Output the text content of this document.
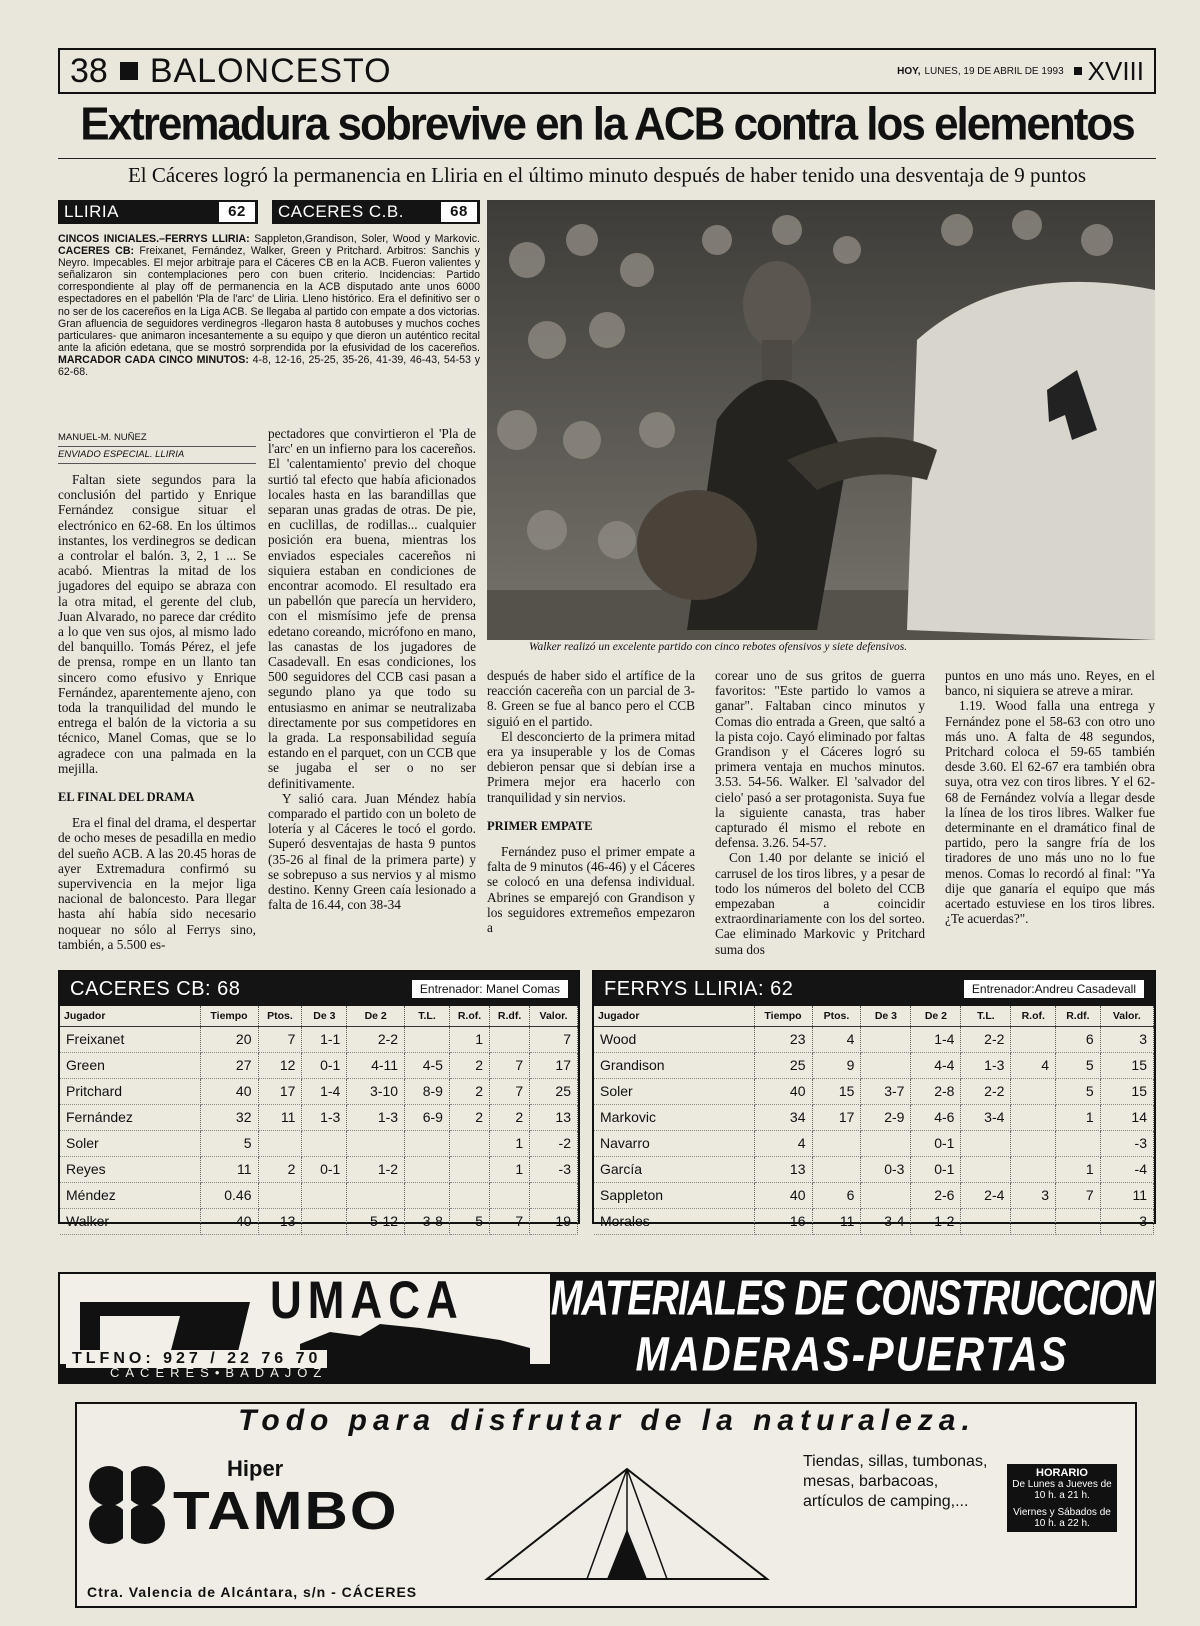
38 BALONCESTO	HOY, LUNES, 19 DE ABRIL DE 1993 XVIII
Extremadura sobrevive en la ACB contra los elementos
El Cáceres logró la permanencia en Lliria en el último minuto después de haber tenido una desventaja de 9 puntos
LLIRIA	62	CACERES C.B.	68
CINCOS INICIALES.–FERRYS LLIRIA: Sappleton,Grandison, Soler, Wood y Markovic. CACERES CB: Freixanet, Fernández, Walker, Green y Pritchard. Arbitros: Sanchis y Neyro. Impecables. El mejor arbitraje para el Cáceres CB en la ACB. Fueron valientes y señalizaron sin contemplaciones pero con buen criterio. Incidencias: Partido correspondiente al play off de permanencia en la ACB disputado ante unos 6000 espectadores en el pabellón 'Pla de l'arc' de Lliria. Lleno histórico. Era el definitivo ser o no ser de los cacereños en la Liga ACB. Se llegaba al partido con empate a dos victorias. Gran afluencia de seguidores verdinegros -llegaron hasta 8 autobuses y muchos coches particulares- que animaron incesantemente a su equipo y que dieron un auténtico recital ante la afición edetana, que se mostró sorprendida por la efusividad de los cacereños. MARCADOR CADA CINCO MINUTOS: 4-8, 12-16, 25-25, 35-26, 41-39, 46-43, 54-53 y 62-68.
MANUEL-M. NUÑEZ
ENVIADO ESPECIAL. LLIRIA

Faltan siete segundos para la conclusión del partido y Enrique Fernández consigue situar el electrónico en 62-68. En los últimos instantes, los verdinegros se dedican a controlar el balón. 3, 2, 1 ... Se acabó. Mientras la mitad de los jugadores del equipo se abraza con la otra mitad, el gerente del club, Juan Alvarado, no parece dar crédito a lo que ven sus ojos, al mismo lado del banquillo. Tomás Pérez, el jefe de prensa, rompe en un llanto tan sincero como efusivo y Enrique Fernández, aparentemente ajeno, con toda la tranquilidad del mundo le entrega el balón de la victoria a su técnico, Manel Comas, que se lo agradece con una palmada en la mejilla.

EL FINAL DEL DRAMA

Era el final del drama, el despertar de ocho meses de pesadilla en medio del sueño ACB. A las 20.45 horas de ayer Extremadura confirmó su supervivencia en la mejor liga nacional de baloncesto. Para llegar hasta ahí había sido necesario noquear no sólo al Ferrys sino, también, a 5.500 es-

pectadores que convirtieron el 'Pla de l'arc' en un infierno para los cacereños. El 'calentamiento' previo del choque surtió tal efecto que había aficionados locales hasta en las barandillas que separan unas gradas de otras. De pie, en cuclillas, de rodillas... cualquier posición era buena, mientras los enviados especiales cacereños ni siquiera estaban en condiciones de encontrar acomodo. El resultado era un pabellón que parecía un hervidero, con el mismísimo jefe de prensa edetano coreando, micrófono en mano, las canastas de los jugadores de Casadevall. En esas condiciones, los 500 seguidores del CCB casi pasan a segundo plano ya que todo su entusiasmo en animar se neutralizaba directamente por sus competidores en la grada. La responsabilidad seguía estando en el parquet, con un CCB que se jugaba el ser o no ser definitivamente.

Y salió cara. Juan Méndez había comparado el partido con un boleto de lotería y al Cáceres le tocó el gordo. Superó desventajas de hasta 9 puntos (35-26 al final de la primera parte) y se sobrepuso a sus nervios y al mismo destino. Kenny Green caía lesionado a falta de 16.44, con 38-34

después de haber sido el artífice de la reacción cacereña con un parcial de 3-8. Green se fue al banco pero el CCB siguió en el partido.

El desconcierto de la primera mitad era ya insuperable y los de Comas debieron pensar que si debían irse a Primera mejor era hacerlo con tranquilidad y sin nervios.

PRIMER EMPATE

Fernández puso el primer empate a falta de 9 minutos (46-46) y el Cáceres se colocó en una defensa individual. Abrines se emparejó con Grandison y los seguidores extremeños empezaron a

corear uno de sus gritos de guerra favoritos: "Este partido lo vamos a ganar". Faltaban cinco minutos y Comas dio entrada a Green, que saltó a la pista cojo. Cayó eliminado por faltas Grandison y el Cáceres logró su primera ventaja en muchos minutos. 3.53. 54-56. Walker. El 'salvador del cielo' pasó a ser protagonista. Suya fue la siguiente canasta, tras haber capturado él mismo el rebote en defensa. 3.26. 54-57.

Con 1.40 por delante se inició el carrusel de los tiros libres, y a pesar de todo los números del boleto del CCB empezaban a coincidir extraordinariamente con los del sorteo. Cae eliminado Markovic y Pritchard suma dos

puntos en uno más uno. Reyes, en el banco, ni siquiera se atreve a mirar.

1.19. Wood falla una entrega y Fernández pone el 58-63 con otro uno más uno. A falta de 48 segundos, Pritchard coloca el 59-65 también desde 3.60. El 62-67 era también obra suya, otra vez con tiros libres. Y el 62-68 de Fernández volvía a llegar desde la línea de los tiros libres. Walker fue determinante en el dramático final de partido, pero la sangre fría de los tiradores de uno más uno no lo fue menos. Comas lo recordó al final: "Ya dije que ganaría el equipo que más acertado estuviese en los tiros libres. ¿Te acuerdas?".

Walker realizó un excelente partido con cinco rebotes ofensivos y siete defensivos.
CACERES CB: 68	Entrenador: Manel Comas
Jugador	Tiempo	Ptos.	De 3	De 2	T.L.	R.of.	R.df.	Valor.
Freixanet	20	7	1-1	2-2		1		7
Green	27	12	0-1	4-11	4-5	2	7	17
Pritchard	40	17	1-4	3-10	8-9	2	7	25
Fernández	32	11	1-3	1-3	6-9	2	2	13
Soler	5						1	-2
Reyes	11	2	0-1	1-2			1	-3
Méndez	0.46							
Walker	40	13		5-12	3-8	5	7	19
FERRYS LLIRIA: 62	Entrenador:Andreu Casadevall
Jugador	Tiempo	Ptos.	De 3	De 2	T.L.	R.of.	R.df.	Valor.
Wood	23	4		1-4	2-2		6	3
Grandison	25	9		4-4	1-3	4	5	15
Soler	40	15	3-7	2-8	2-2		5	15
Markovic	34	17	2-9	4-6	3-4		1	14
Navarro	4			0-1				-3
García	13		0-3	0-1			1	-4
Sappleton	40	6		2-6	2-4	3	7	11
Morales	16	11	3-4	1-2				3
UMACA
TLFNO: 927 / 22 76 70
CACERES•BADAJOZ
MATERIALES DE CONSTRUCCION
MADERAS-PUERTAS
Todo para disfrutar de la naturaleza.
Hiper
TAMBO
Ctra. Valencia de Alcántara, s/n - CÁCERES
Tiendas, sillas, tumbonas, mesas, barbacoas, artículos de camping,...
HORARIO
De Lunes a Jueves de 10 h. a 21 h.
Viernes y Sábados de 10 h. a 22 h.
